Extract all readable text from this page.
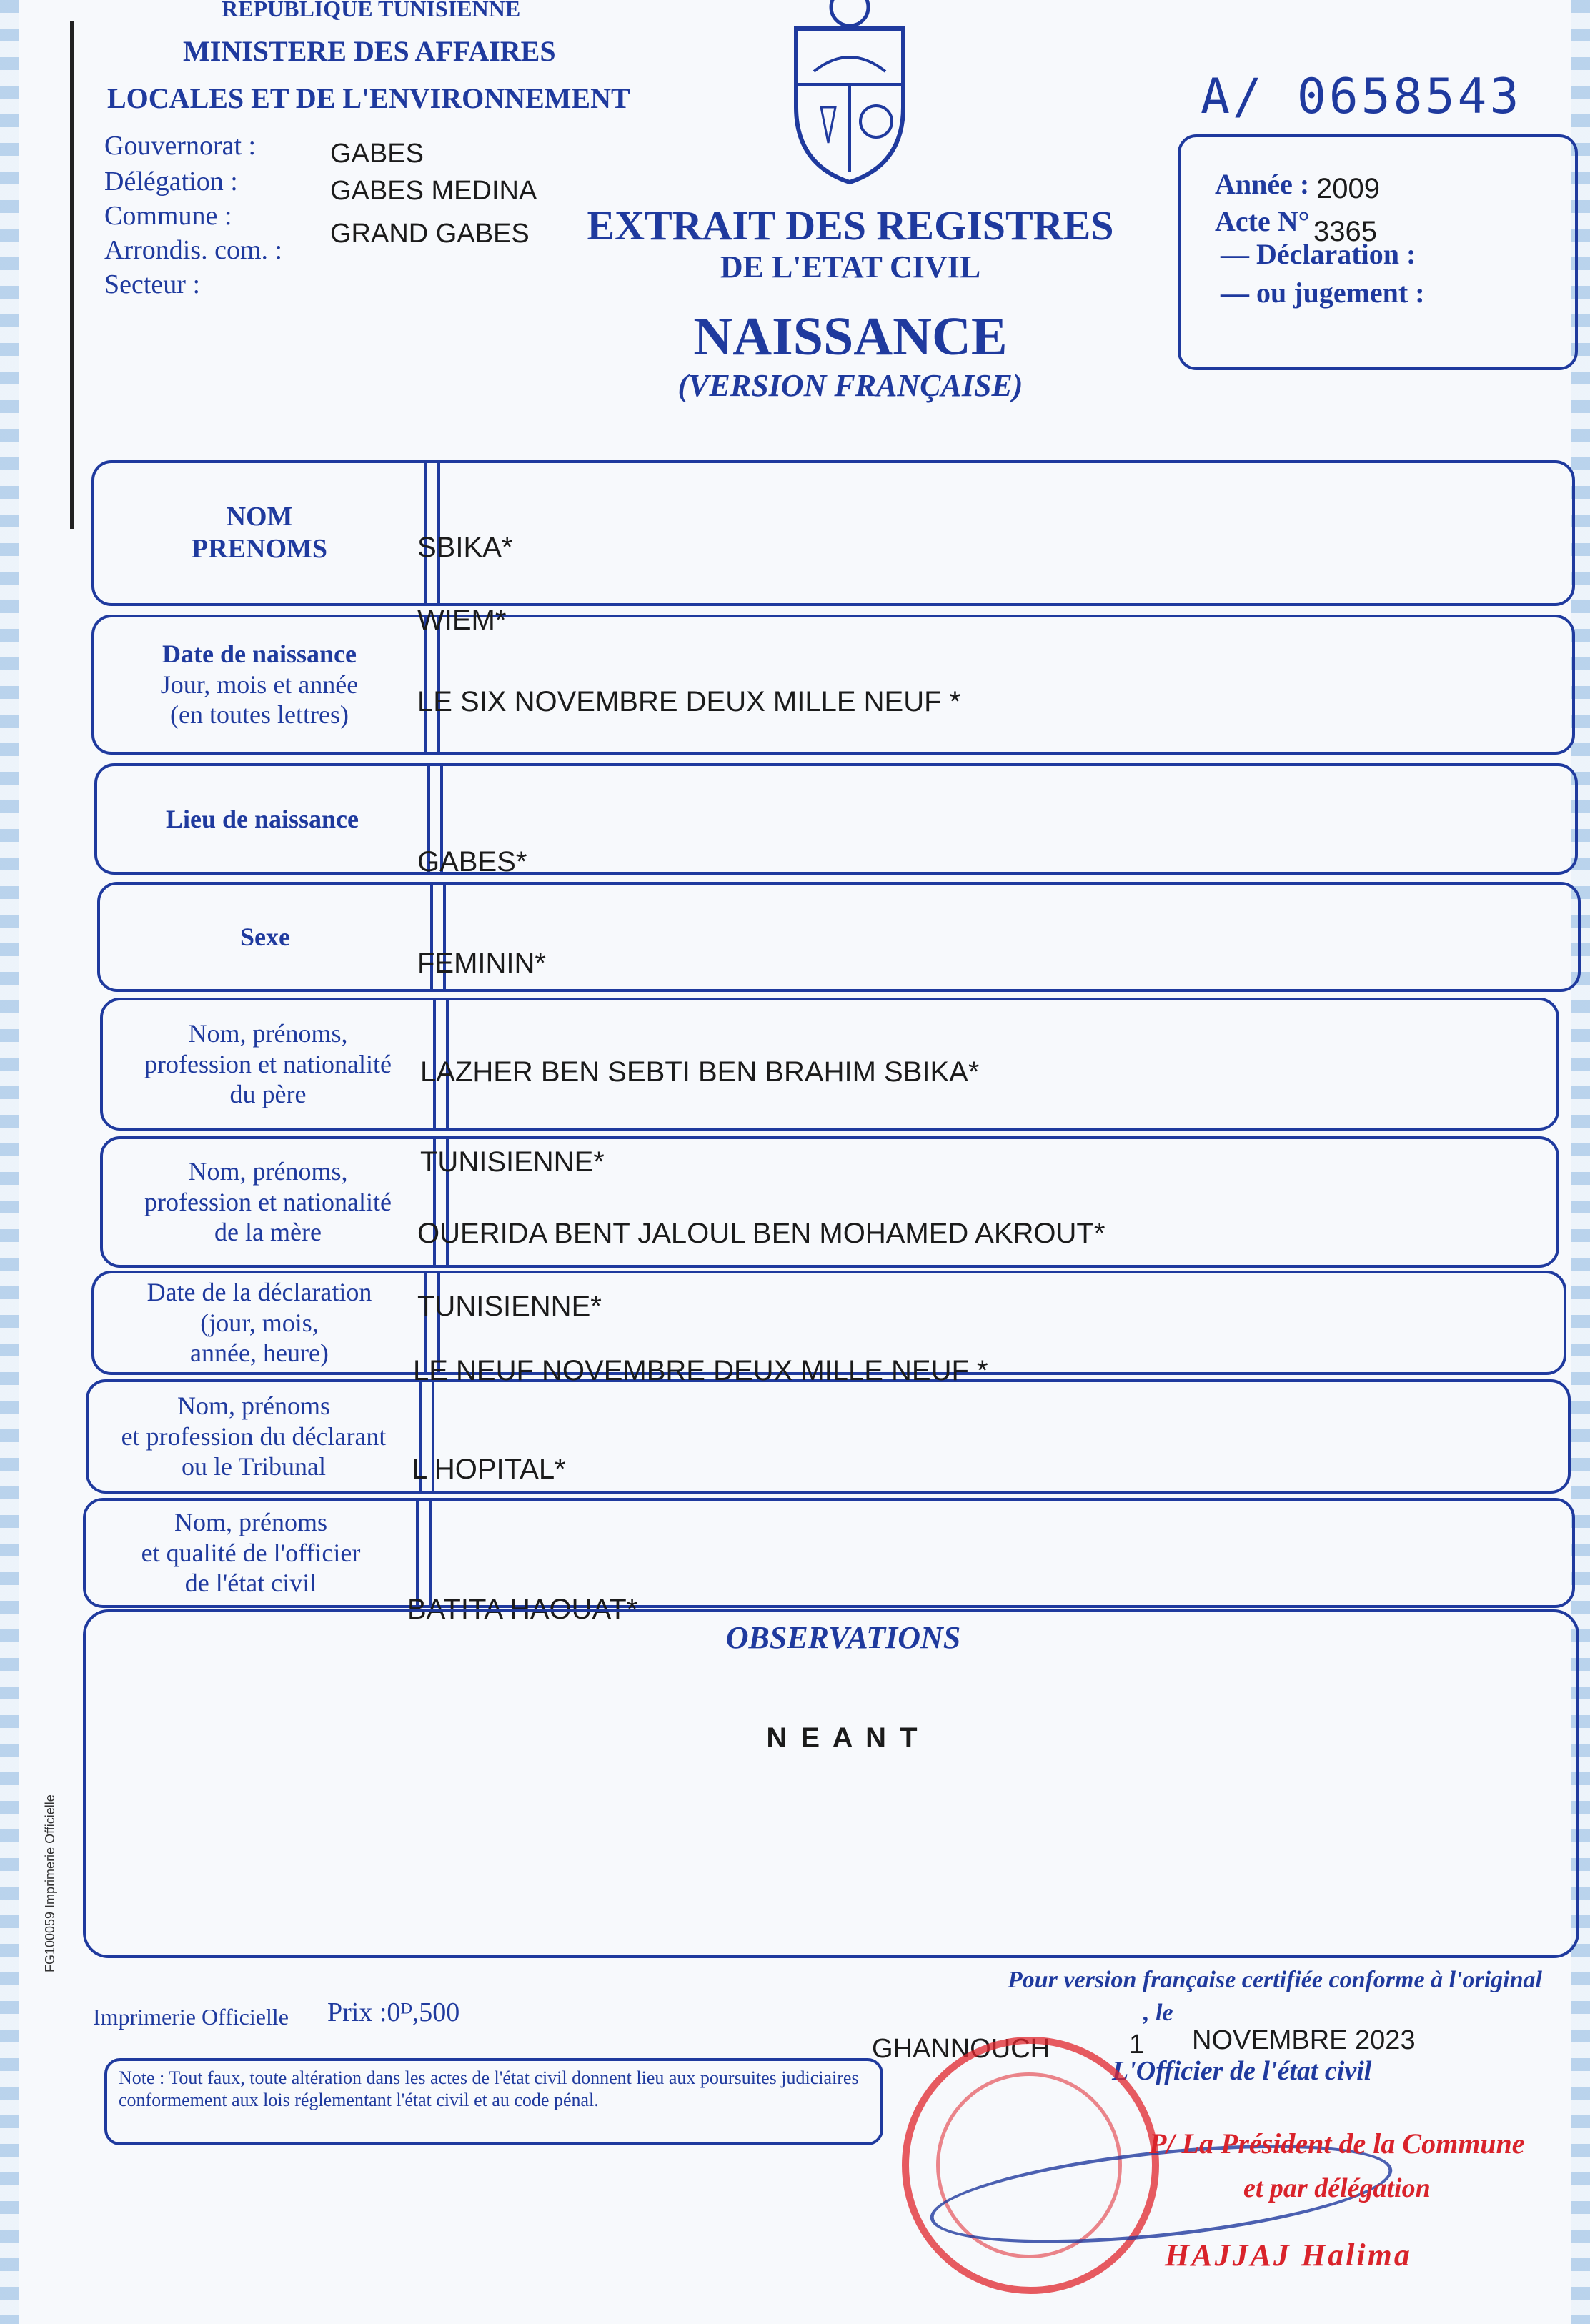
REPUBLIQUE TUNISIENNE
MINISTERE DES AFFAIRES
LOCALES ET DE L'ENVIRONNEMENT
Gouvernorat :	GABES
Délégation :	GABES MEDINA
Commune :
GRAND GABES
Arrondis. com. :
Secteur :
A/ 0658543
EXTRAIT DES REGISTRES
DE L'ETAT CIVIL
NAISSANCE
(VERSION FRANÇAISE)
Année : 2009
Acte N° 3365
— Déclaration :
— ou jugement :
NOM
PRENOMS
Date de naissance
Jour, mois et année
(en toutes lettres)
Lieu de naissance
Sexe
Nom, prénoms,
profession et nationalité
du père
Nom, prénoms,
profession et nationalité
de la mère
Date de la déclaration
(jour, mois,
année, heure)
Nom, prénoms
et profession du déclarant
ou le Tribunal
Nom, prénoms
et qualité de l'officier
de l'état civil
SBIKA*
WIEM*
LE SIX NOVEMBRE DEUX MILLE NEUF *
GABES*
FEMININ*
LAZHER BEN SEBTI BEN BRAHIM SBIKA*
TUNISIENNE*
OUERIDA BENT JALOUL BEN MOHAMED AKROUT*
TUNISIENNE*
LE NEUF NOVEMBRE DEUX MILLE NEUF *
L HOPITAL*
BATITA HAOUAT*
OBSERVATIONS
N E A N T
FG100059 Imprimerie Officielle
Imprimerie Officielle Prix :0ᴰ,500
Pour version française certifiée conforme à l'original
GHANNOUCH
, le
1 NOVEMBRE 2023
L'Officier de l'état civil
Note : Tout faux, toute altération dans les actes de l'état civil donnent lieu aux poursuites judiciaires conformement aux lois réglementant l'état civil et au code pénal.
P/ La Président de la Commune
et par délégation
HAJJAJ Halima
